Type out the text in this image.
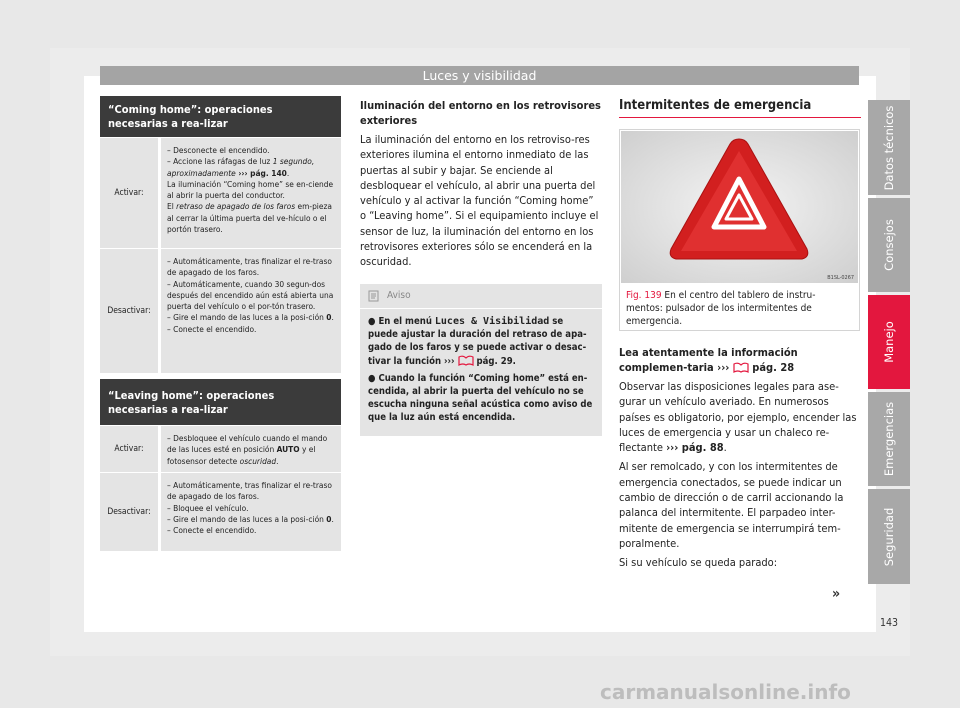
Luces y visibilidad
Datos técnicos
Consejos
Manejo
Emergencias
Seguridad
“Coming home”: operaciones necesarias a rea-lizar
Activar:
– Desconecte el encendido.
– Accione las ráfagas de luz 1 segundo, aproximadamente ››› pág. 140.
La iluminación “Coming home” se en-ciende al abrir la puerta del conductor.
El retraso de apagado de los faros em-pieza al cerrar la última puerta del ve-hículo o el portón trasero.
Desactivar:
– Automáticamente, tras finalizar el re-traso de apagado de los faros.
– Automáticamente, cuando 30 segun-dos después del encendido aún está abierta una puerta del vehículo o el por-tón trasero.
– Gire el mando de las luces a la posi-ción 0.
– Conecte el encendido.
“Leaving home”: operaciones necesarias a rea-lizar
Activar:
– Desbloquee el vehículo cuando el mando de las luces esté en posición AUTO y el fotosensor detecte oscuridad.
Desactivar:
– Automáticamente, tras finalizar el re-traso de apagado de los faros.
– Bloquee el vehículo.
– Gire el mando de las luces a la posi-ción 0.
– Conecte el encendido.
Iluminación del entorno en los retrovisores exteriores

La iluminación del entorno en los retroviso-res exteriores ilumina el entorno inmediato de las puertas al subir y bajar. Se enciende al desbloquear el vehículo, al abrir una puerta del vehículo y al activar la función “Coming home” o “Leaving home”. Si el equipamiento incluye el sensor de luz, la iluminación del entorno en los retrovisores exteriores sólo se encenderá en la oscuridad.

Aviso
● En el menú Luces & Visibilidad se puede ajustar la duración del retraso de apa-gado de los faros y se puede activar o desac-tivar la función ›››  pág. 29.
● Cuando la función “Coming home” está en-cendida, al abrir la puerta del vehículo no se escucha ninguna señal acústica como aviso de que la luz aún está encendida.
Intermitentes de emergencia
B1SL-0267
Fig. 139 En el centro del tablero de instru-mentos: pulsador de los intermitentes de emergencia.
Lea atentamente la información complemen-taria ›››  pág. 28

Observar las disposiciones legales para ase-gurar un vehículo averiado. En numerosos países es obligatorio, por ejemplo, encender las luces de emergencia y usar un chaleco re-flectante ››› pág. 88.

Al ser remolcado, y con los intermitentes de emergencia conectados, se puede indicar un cambio de dirección o de carril accionando la palanca del intermitente. El parpadeo inter-mitente de emergencia se interrumpirá tem-poralmente.

Si su vehículo se queda parado:

»
143
carmanualsonline.info
